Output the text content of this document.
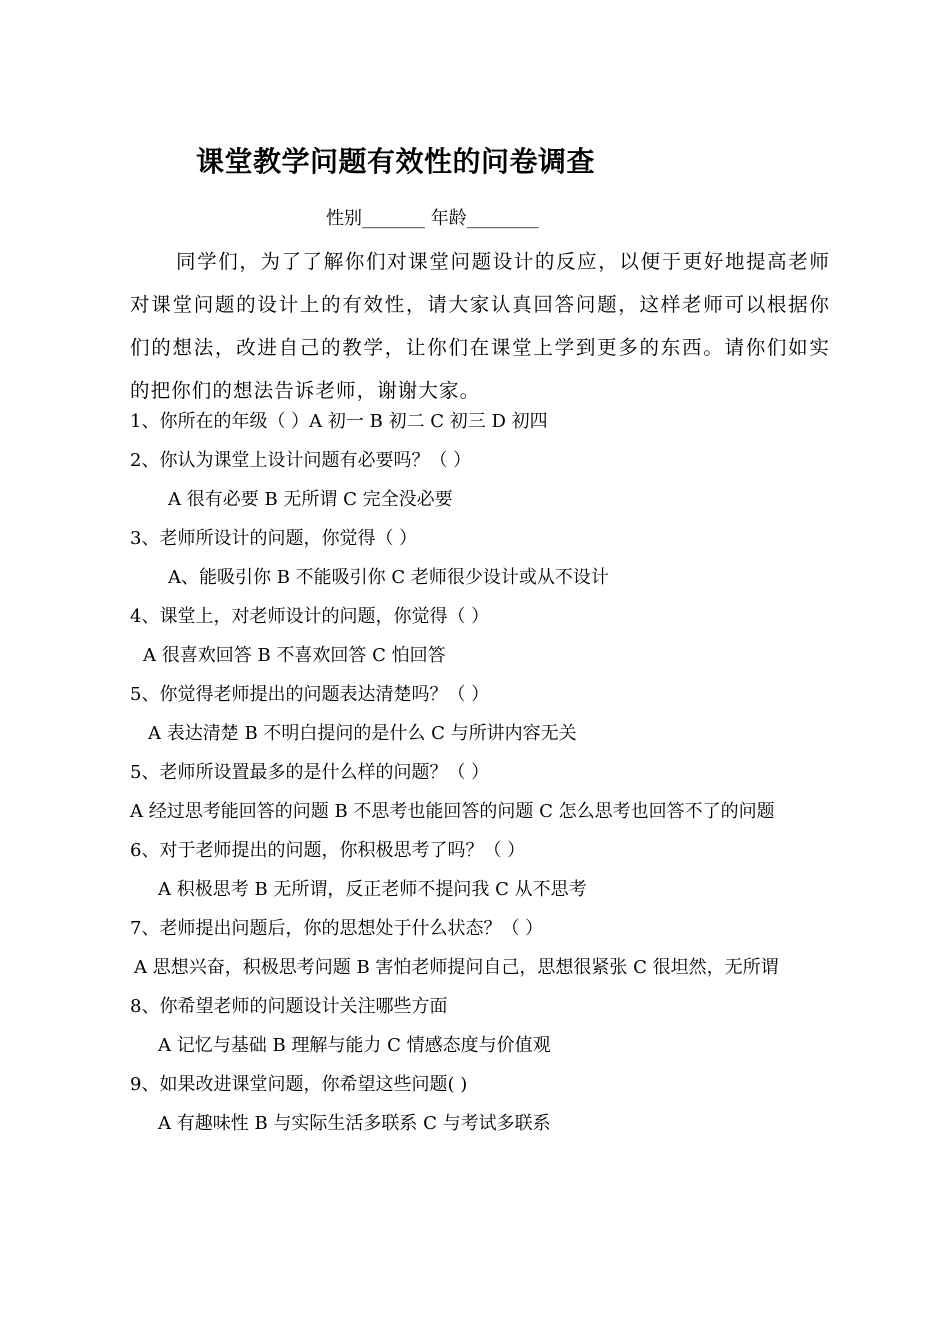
课堂教学问题有效性的问卷调查
性别_______ 年龄________
同学们，为了了解你们对课堂问题设计的反应，以便于更好地提高老师对课堂问题的设计上的有效性，请大家认真回答问题，这样老师可以根据你们的想法，改进自己的教学，让你们在课堂上学到更多的东西。请你们如实的把你们的想法告诉老师，谢谢大家。
1、你所在的年级（ ）A 初一 B 初二 C 初三 D 初四
2、你认为课堂上设计问题有必要吗？（ ）
A 很有必要 B 无所谓 C 完全没必要
3、老师所设计的问题，你觉得（ ）
A、能吸引你 B 不能吸引你 C 老师很少设计或从不设计
4、课堂上，对老师设计的问题，你觉得（ ）
A 很喜欢回答 B 不喜欢回答 C 怕回答
5、你觉得老师提出的问题表达清楚吗？（ ）
A 表达清楚 B 不明白提问的是什么 C 与所讲内容无关
5、老师所设置最多的是什么样的问题？（ ）
A 经过思考能回答的问题 B 不思考也能回答的问题 C 怎么思考也回答不了的问题
6、对于老师提出的问题，你积极思考了吗？（ ）
A 积极思考 B 无所谓，反正老师不提问我 C 从不思考
7、老师提出问题后，你的思想处于什么状态？（ ）
A 思想兴奋，积极思考问题 B 害怕老师提问自己，思想很紧张 C 很坦然，无所谓
8、你希望老师的问题设计关注哪些方面
A 记忆与基础 B 理解与能力 C 情感态度与价值观
9、如果改进课堂问题，你希望这些问题( )
A 有趣味性 B 与实际生活多联系 C 与考试多联系
